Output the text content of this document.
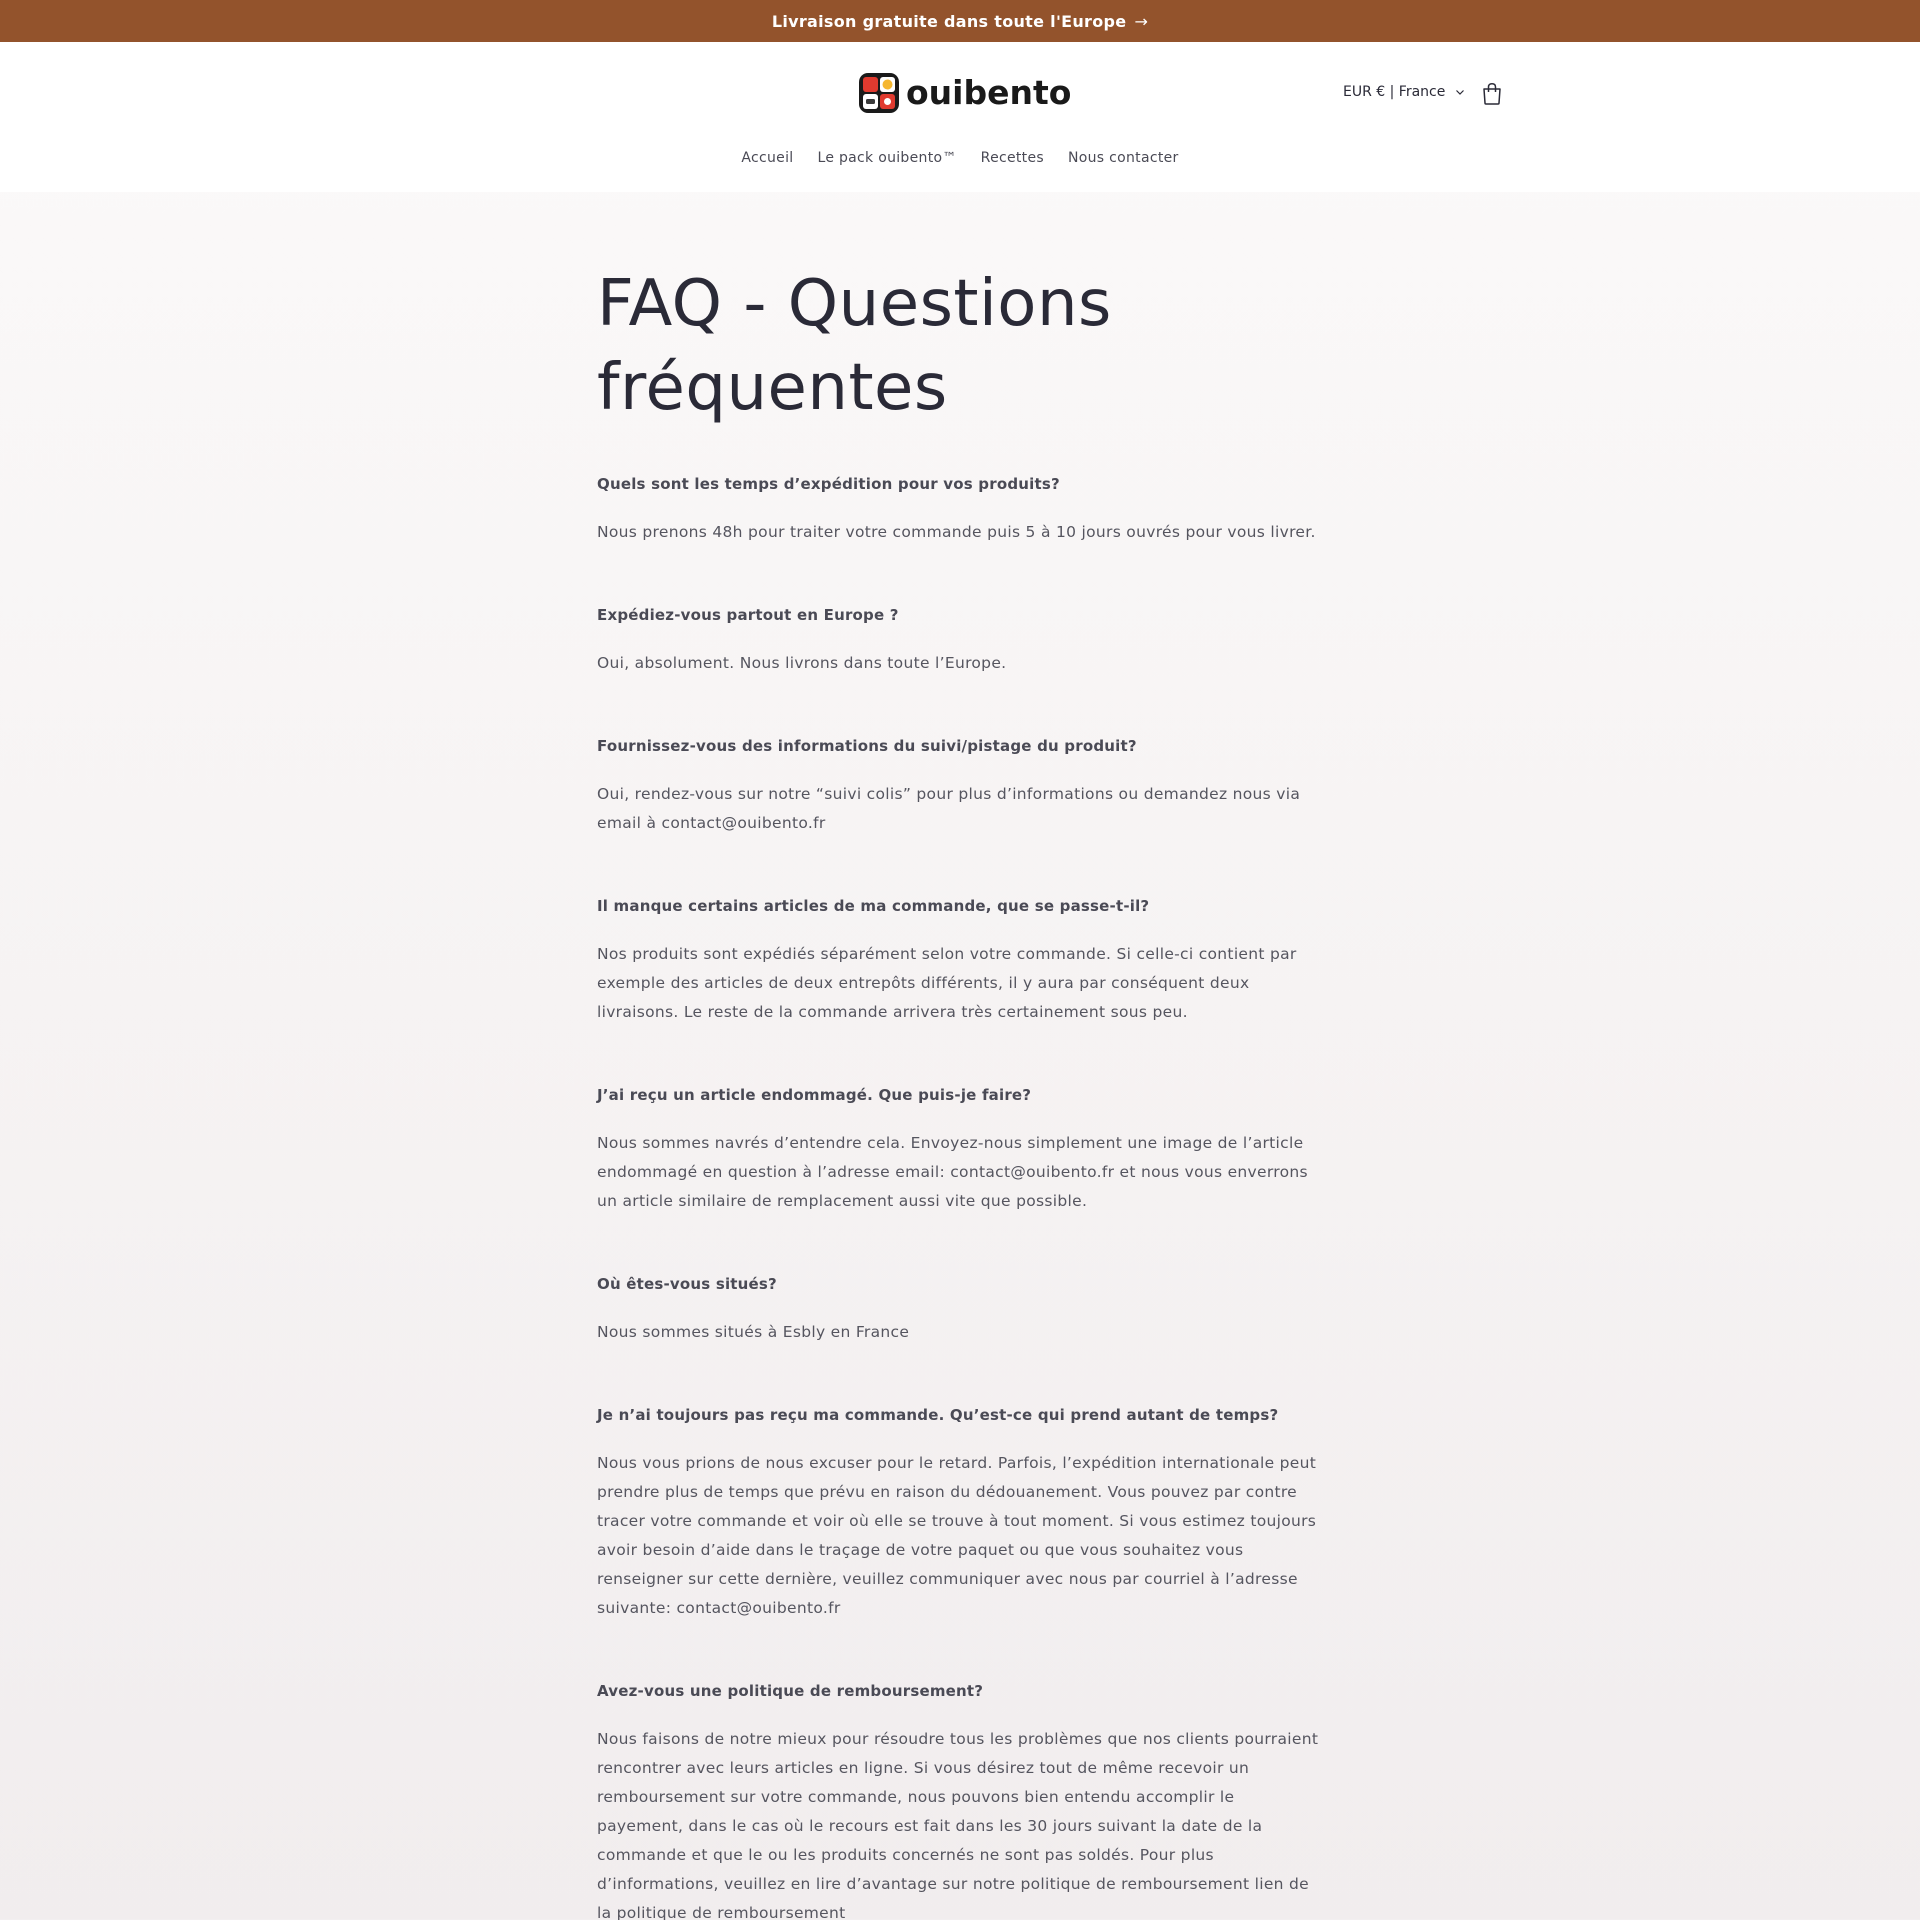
Livraison gratuite dans toute l'Europe →
ouibento	EUR € | France
Accueil Le pack ouibento™ Recettes Nous contacter
FAQ - Questions
fréquentes

Quels sont les temps d’expédition pour vos produits?

Nous prenons 48h pour traiter votre commande puis 5 à 10 jours ouvrés pour vous livrer.

Expédiez-vous partout en Europe ?

Oui, absolument. Nous livrons dans toute l’Europe.

Fournissez-vous des informations du suivi/pistage du produit?

Oui, rendez-vous sur notre “suivi colis” pour plus d’informations ou demandez nous via email à contact@ouibento.fr

Il manque certains articles de ma commande, que se passe-t-il?

Nos produits sont expédiés séparément selon votre commande. Si celle-ci contient par exemple des articles de deux entrepôts différents, il y aura par conséquent deux livraisons. Le reste de la commande arrivera très certainement sous peu.

J’ai reçu un article endommagé. Que puis-je faire?

Nous sommes navrés d’entendre cela. Envoyez-nous simplement une image de l’article endommagé en question à l’adresse email: contact@ouibento.fr et nous vous enverrons un article similaire de remplacement aussi vite que possible.

Où êtes-vous situés?

Nous sommes situés à Esbly en France

Je n’ai toujours pas reçu ma commande. Qu’est-ce qui prend autant de temps?

Nous vous prions de nous excuser pour le retard. Parfois, l’expédition internationale peut prendre plus de temps que prévu en raison du dédouanement. Vous pouvez par contre tracer votre commande et voir où elle se trouve à tout moment. Si vous estimez toujours avoir besoin d’aide dans le traçage de votre paquet ou que vous souhaitez vous renseigner sur cette dernière, veuillez communiquer avec nous par courriel à l’adresse suivante: contact@ouibento.fr

Avez-vous une politique de remboursement?

Nous faisons de notre mieux pour résoudre tous les problèmes que nos clients pourraient rencontrer avec leurs articles en ligne. Si vous désirez tout de même recevoir un remboursement sur votre commande, nous pouvons bien entendu accomplir le payement, dans le cas où le recours est fait dans les 30 jours suivant la date de la commande et que le ou les produits concernés ne sont pas soldés. Pour plus d’informations, veuillez en lire d’avantage sur notre politique de remboursement lien de la politique de remboursement
